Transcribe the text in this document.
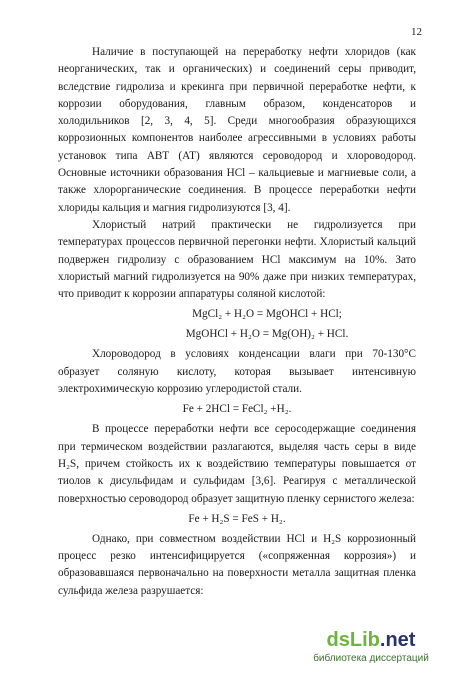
12

Наличие в поступающей на переработку нефти хлоридов (как неорганических, так и органических) и соединений серы приводит, вследствие гидролиза и крекинга при первичной переработке нефти, к коррозии оборудования, главным образом, конденсаторов и холодильников [2, 3, 4, 5]. Среди многообразия образующихся коррозионных компонентов наиболее агрессивными в условиях работы установок типа АВТ (АТ) являются сероводород и хлороводород. Основные источники образования HCl – кальциевые и магниевые соли, а также хлорорганические соединения. В процессе переработки нефти хлориды кальция и магния гидролизуются [3, 4].

Хлористый натрий практически не гидролизуется при температурах процессов первичной перегонки нефти. Хлористый кальций подвержен гидролизу с образованием HCl максимум на 10%. Зато хлористый магний гидролизуется на 90% даже при низких температурах, что приводит к коррозии аппаратуры соляной кислотой:

MgCl₂ + H₂O = MgOHCl + HCl;
MgOHCl + H₂O = Mg(OH)₂ + HCl.

Хлороводород в условиях конденсации влаги при 70-130°С образует соляную кислоту, которая вызывает интенсивную электрохимическую коррозию углеродистой стали.

Fe + 2HCl = FeCl₂ +H₂.

В процессе переработки нефти все серосодержащие соединения при термическом воздействии разлагаются, выделяя часть серы в виде H₂S, причем стойкость их к воздействию температуры повышается от тиолов к дисульфидам и сульфидам [3,6]. Реагируя с металлической поверхностью сероводород образует защитную пленку сернистого железа:

Fe + H₂S = FeS + H₂.

Однако, при совместном воздействии HCl и H₂S коррозионный процесс резко интенсифицируется («сопряженная коррозия») и образовавшаяся первоначально на поверхности металла защитная пленка сульфида железа разрушается:

dsLib .net
библиотека диссертаций
